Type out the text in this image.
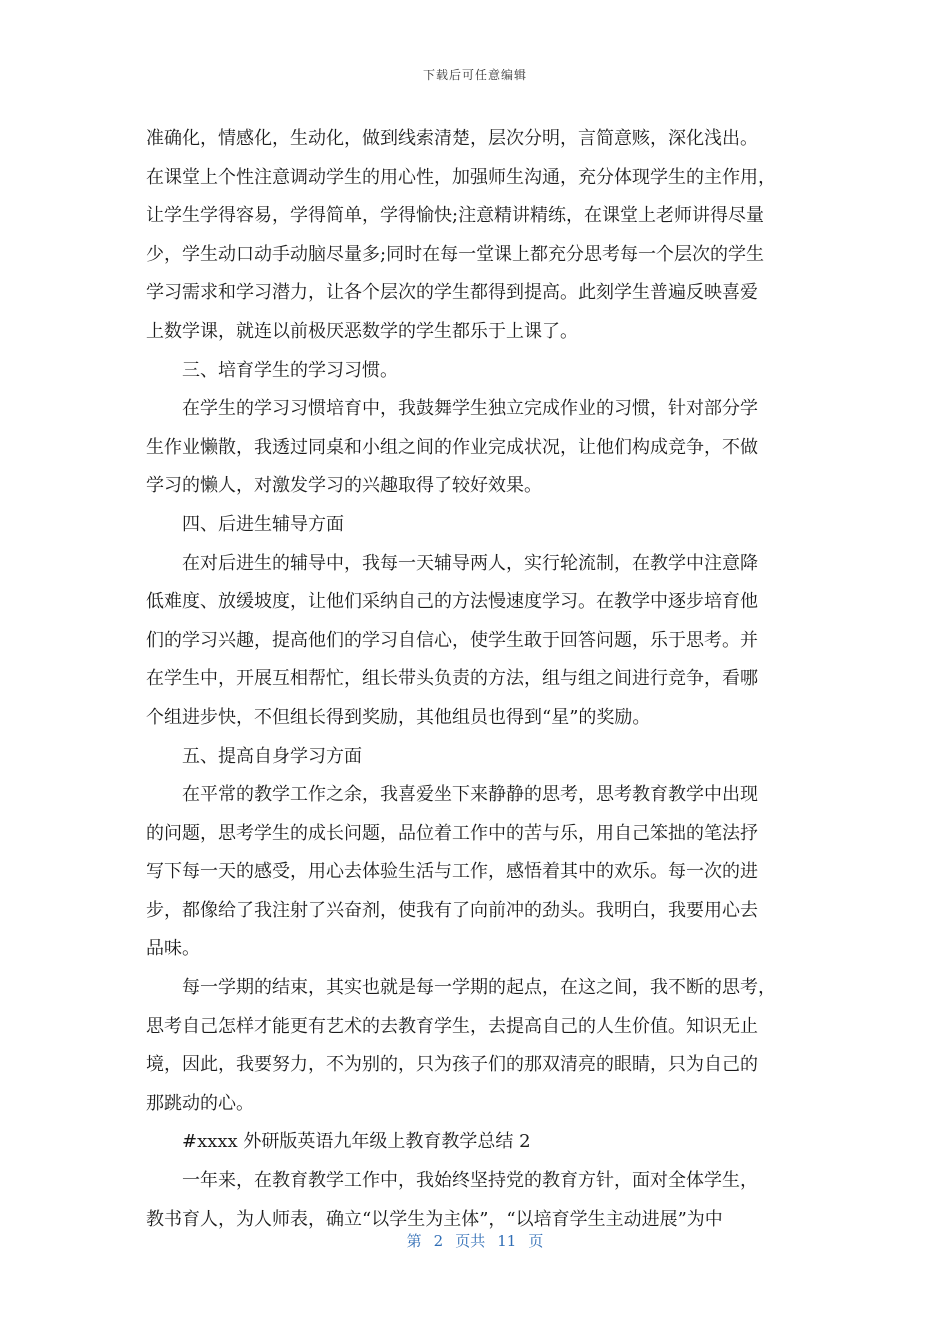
下载后可任意编辑
准确化，情感化，生动化，做到线索清楚，层次分明，言简意赅，深化浅出。
在课堂上个性注意调动学生的用心性，加强师生沟通，充分体现学生的主作用，
让学生学得容易，学得简单，学得愉快;注意精讲精练，在课堂上老师讲得尽量
少，学生动口动手动脑尽量多;同时在每一堂课上都充分思考每一个层次的学生
学习需求和学习潜力，让各个层次的学生都得到提高。此刻学生普遍反映喜爱
上数学课，就连以前极厌恶数学的学生都乐于上课了。
三、培育学生的学习习惯。
在学生的学习习惯培育中，我鼓舞学生独立完成作业的习惯，针对部分学
生作业懒散，我透过同桌和小组之间的作业完成状况，让他们构成竞争，不做
学习的懒人，对激发学习的兴趣取得了较好效果。
四、后进生辅导方面
在对后进生的辅导中，我每一天辅导两人，实行轮流制，在教学中注意降
低难度、放缓坡度，让他们采纳自己的方法慢速度学习。在教学中逐步培育他
们的学习兴趣，提高他们的学习自信心，使学生敢于回答问题，乐于思考。并
在学生中，开展互相帮忙，组长带头负责的方法，组与组之间进行竞争，看哪
个组进步快，不但组长得到奖励，其他组员也得到“星”的奖励。
五、提高自身学习方面
在平常的教学工作之余，我喜爱坐下来静静的思考，思考教育教学中出现
的问题，思考学生的成长问题，品位着工作中的苦与乐，用自己笨拙的笔法抒
写下每一天的感受，用心去体验生活与工作，感悟着其中的欢乐。每一次的进
步，都像给了我注射了兴奋剂，使我有了向前冲的劲头。我明白，我要用心去
品味。
每一学期的结束，其实也就是每一学期的起点，在这之间，我不断的思考，
思考自己怎样才能更有艺术的去教育学生，去提高自己的人生价值。知识无止
境，因此，我要努力，不为别的，只为孩子们的那双清亮的眼睛，只为自己的
那跳动的心。
#xxxx 外研版英语九年级上教育教学总结 2
一年来，在教育教学工作中，我始终坚持党的教育方针，面对全体学生，
教书育人，为人师表，确立“以学生为主体”，“以培育学生主动进展”为中
第 2 页共 11 页
